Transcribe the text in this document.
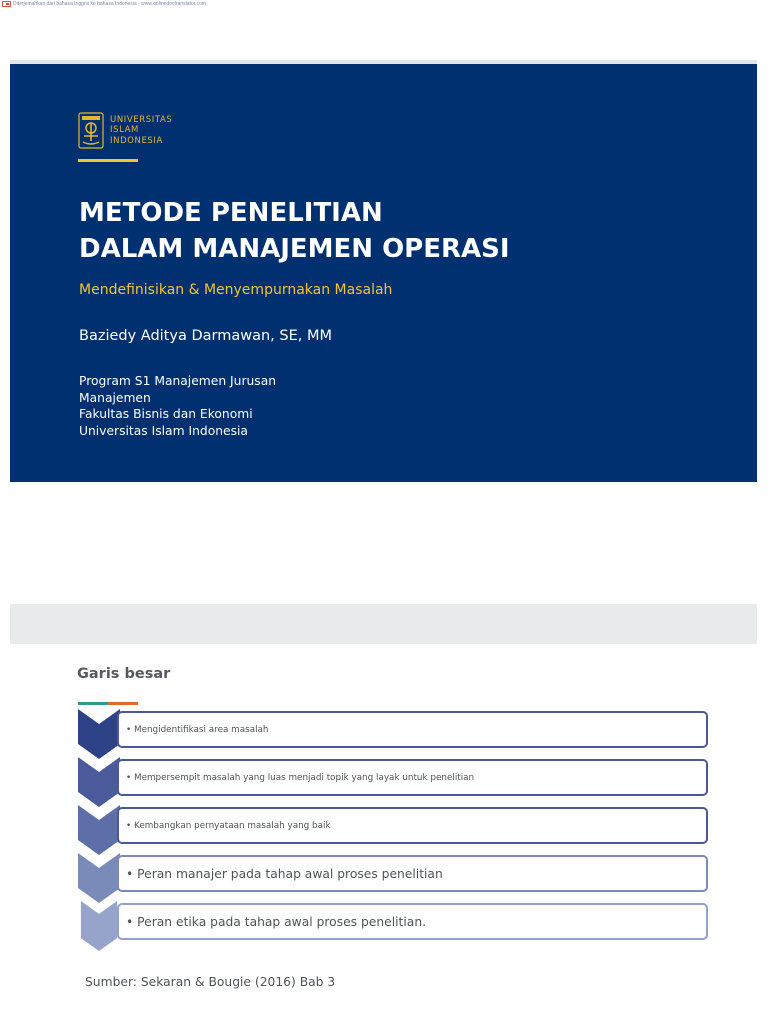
Diterjemahkan dari bahasa Inggris ke bahasa Indonesia - www.onlinedoctranslator.com
UNIVERSITAS
ISLAM
INDONESIA
METODE PENELITIAN
DALAM MANAJEMEN OPERASI
Mendefinisikan & Menyempurnakan Masalah
Baziedy Aditya Darmawan, SE, MM
Program S1 Manajemen Jurusan
Manajemen
Fakultas Bisnis dan Ekonomi
Universitas Islam Indonesia
Garis besar
• Mengidentifikasi area masalah
• Mempersempit masalah yang luas menjadi topik yang layak untuk penelitian
• Kembangkan pernyataan masalah yang baik
• Peran manajer pada tahap awal proses penelitian
• Peran etika pada tahap awal proses penelitian.
Sumber: Sekaran & Bougie (2016) Bab 3
